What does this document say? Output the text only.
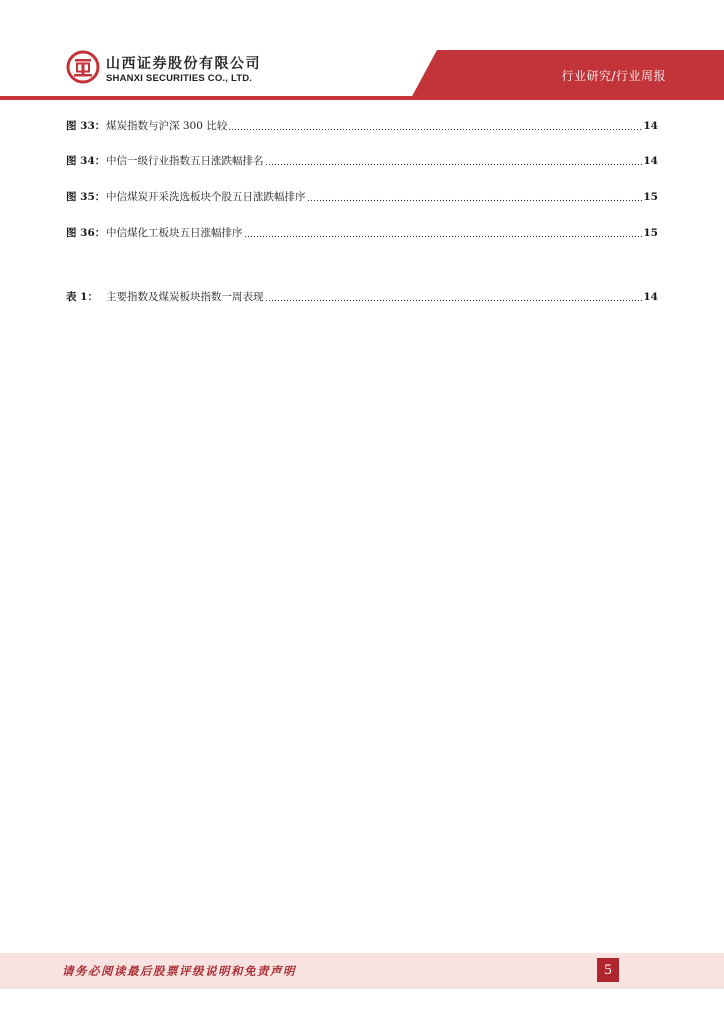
山西证券股份有限公司
SHANXI SECURITIES CO., LTD.	行业研究/行业周报
图 33： 煤炭指数与沪深 300 比较	14
图 34： 中信一级行业指数五日涨跌幅排名	14
图 35： 中信煤炭开采洗选板块个股五日涨跌幅排序	15
图 36： 中信煤化工板块五日涨幅排序	15
表 1： 主要指数及煤炭板块指数一周表现	14
请务必阅读最后股票评级说明和免责声明	5
